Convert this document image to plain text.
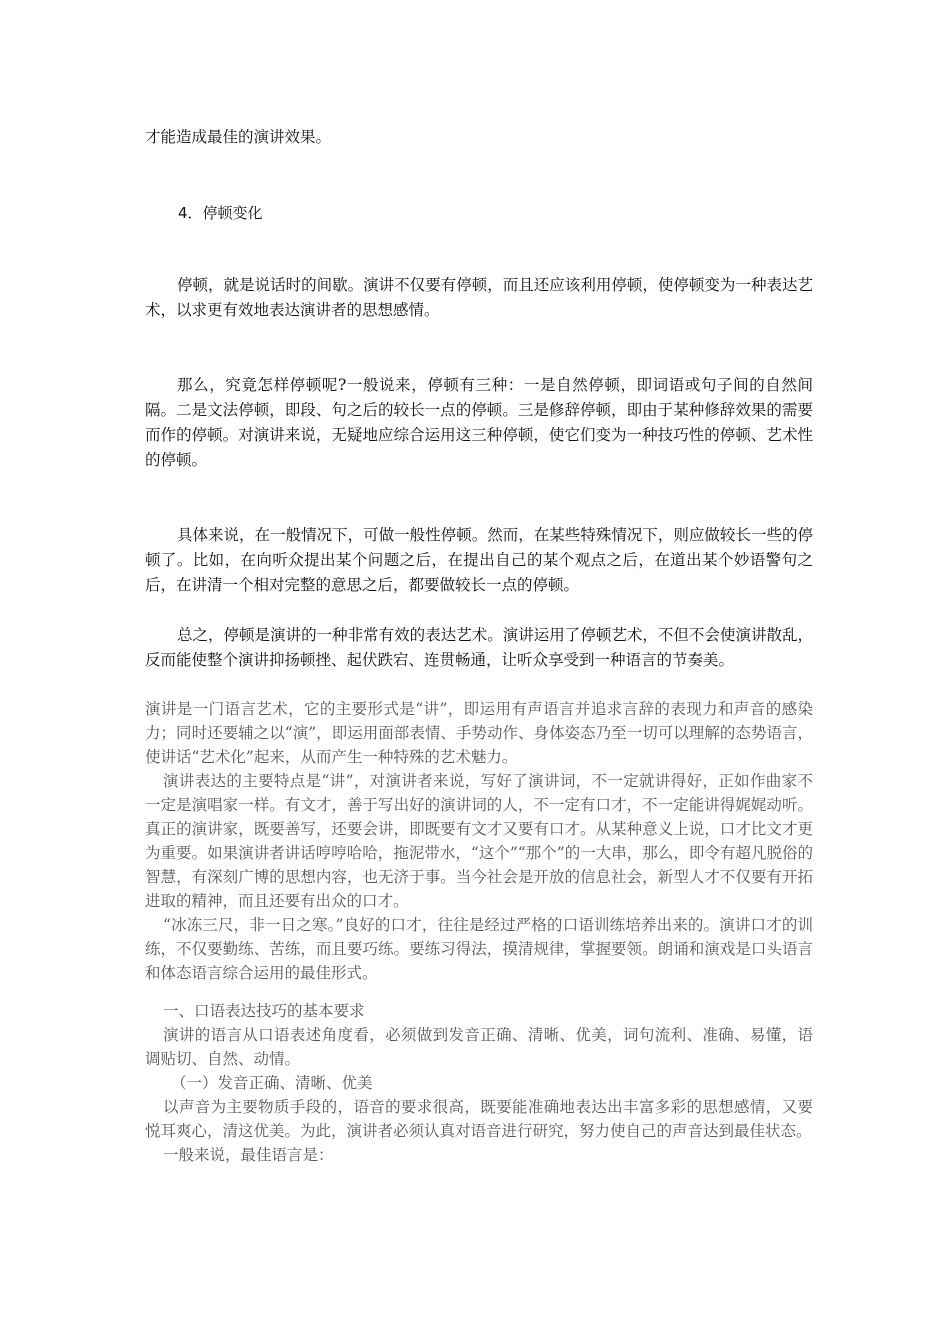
才能造成最佳的演讲效果。

4．停顿变化

停顿，就是说话时的间歇。演讲不仅要有停顿，而且还应该利用停顿，使停顿变为一种表达艺术，以求更有效地表达演讲者的思想感情。

那么，究竟怎样停顿呢?一般说来，停顿有三种：一是自然停顿，即词语或句子间的自然间隔。二是文法停顿，即段、句之后的较长一点的停顿。三是修辞停顿，即由于某种修辞效果的需要而作的停顿。对演讲来说，无疑地应综合运用这三种停顿，使它们变为一种技巧性的停顿、艺术性的停顿。

具体来说，在一般情况下，可做一般性停顿。然而，在某些特殊情况下，则应做较长一些的停顿了。比如，在向听众提出某个问题之后，在提出自己的某个观点之后，在道出某个妙语警句之后，在讲清一个相对完整的意思之后，都要做较长一点的停顿。

总之，停顿是演讲的一种非常有效的表达艺术。演讲运用了停顿艺术，不但不会使演讲散乱，反而能使整个演讲抑扬顿挫、起伏跌宕、连贯畅通，让听众享受到一种语言的节奏美。

演讲是一门语言艺术，它的主要形式是“讲”，即运用有声语言并追求言辞的表现力和声音的感染力；同时还要辅之以“演”，即运用面部表情、手势动作、身体姿态乃至一切可以理解的态势语言，使讲话“艺术化”起来，从而产生一种特殊的艺术魅力。
演讲表达的主要特点是“讲”，对演讲者来说，写好了演讲词，不一定就讲得好，正如作曲家不一定是演唱家一样。有文才，善于写出好的演讲词的人，不一定有口才，不一定能讲得娓娓动听。真正的演讲家，既要善写，还要会讲，即既要有文才又要有口才。从某种意义上说，口才比文才更为重要。如果演讲者讲话哼哼哈哈，拖泥带水，“这个”“那个”的一大串，那么，即令有超凡脱俗的智慧，有深刻广博的思想内容，也无济于事。当今社会是开放的信息社会，新型人才不仅要有开拓进取的精神，而且还要有出众的口才。
“冰冻三尺，非一日之寒。”良好的口才，往往是经过严格的口语训练培养出来的。演讲口才的训练，不仅要勤练、苦练，而且要巧练。要练习得法，摸清规律，掌握要领。朗诵和演戏是口头语言和体态语言综合运用的最佳形式。
一、口语表达技巧的基本要求
演讲的语言从口语表述角度看，必须做到发音正确、清晰、优美，词句流利、准确、易懂，语调贴切、自然、动情。
（一）发音正确、清晰、优美
以声音为主要物质手段的，语音的要求很高，既要能准确地表达出丰富多彩的思想感情，又要悦耳爽心，清这优美。为此，演讲者必须认真对语音进行研究，努力使自己的声音达到最佳状态。
一般来说，最佳语言是：
